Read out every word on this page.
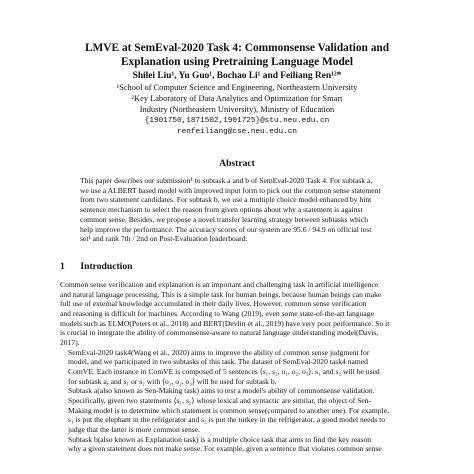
LMVE at SemEval-2020 Task 4: Commonsense Validation and
Explanation using Pretraining Language Model
Shilei Liu¹, Yu Guo¹, Bochao Li¹ and Feiliang Ren¹²*
¹School of Computer Science and Engineering, Northeastern University
²Key Laboratory of Data Analytics and Optimization for Smart
Industry (Northeastern University), Ministry of Education
{1901750,1871502,1901725}@stu.neu.edu.cn
renfeiliang@cse.neu.edu.cn
Abstract
This paper describes our submission¹ to subtask a and b of SemEval-2020 Task 4. For subtask a,
we use a ALBERT based model with improved input form to pick out the common sense statement
from two statement candidates. For subtask b, we use a multiple choice model enhanced by hint
sentence mechanism to select the reason from given options about why a statement is against
common sense. Besides, we propose a novel transfer learning strategy between subtasks which
help improve the performance. The accuracy scores of our system are 95.6 / 94.9 on official test
set¹ and rank 7th / 2nd on Post-Evaluation leaderboard.
1 Introduction

Common sense verification and explanation is an important and challenging task in artificial intelligence
and natural language processing. This is a simple task for human beings, because human beings can make
full use of external knowledge accumulated in their daily lives. However, common sense verification
and reasoning is difficult for machines. According to Wang (2019), even some state-of-the-art language
models such as ELMO(Peters et al., 2018) and BERT(Devlin et al., 2019) have very poor performance. So it
is crucial to integrate the ability of commonsense-aware to natural language understanding model(Davis,
2017).

SemEval-2020 task4(Wang et al., 2020) aims to improve the ability of common sense judgment for
model, and we participated in two subtasks of this task. The dataset of SemEval-2020 task4 named
ComVE. Each instance in ComVE is composed of 5 sentences ⟨s₁, s₂, o₁, o₂, o₃⟩. s₁ and s₂ will be used
for subtask a, and s₁ or s₂ with ⟨o₁, o₂, o₃⟩ will be used for subtask b.

Subtask a(also known as Sen-Making task) aims to test a model's ability of commonsense validation.
Specifically, given two statements ⟨s₁, s₂⟩ whose lexical and syntactic are similar, the object of Sen-
Making model is to determine which statement is common sense(compared to another one). For example,
s₁ is put the elephant in the refrigerator and s₂ is put the turkey in the refrigerator, a good model needs to
judge that the latter is more common sense.

Subtask b(also known as Explanation task) is a multiple choice task that aims to find the key reason
why a given statement does not make sense. For example, given a sentence that violates common sense
